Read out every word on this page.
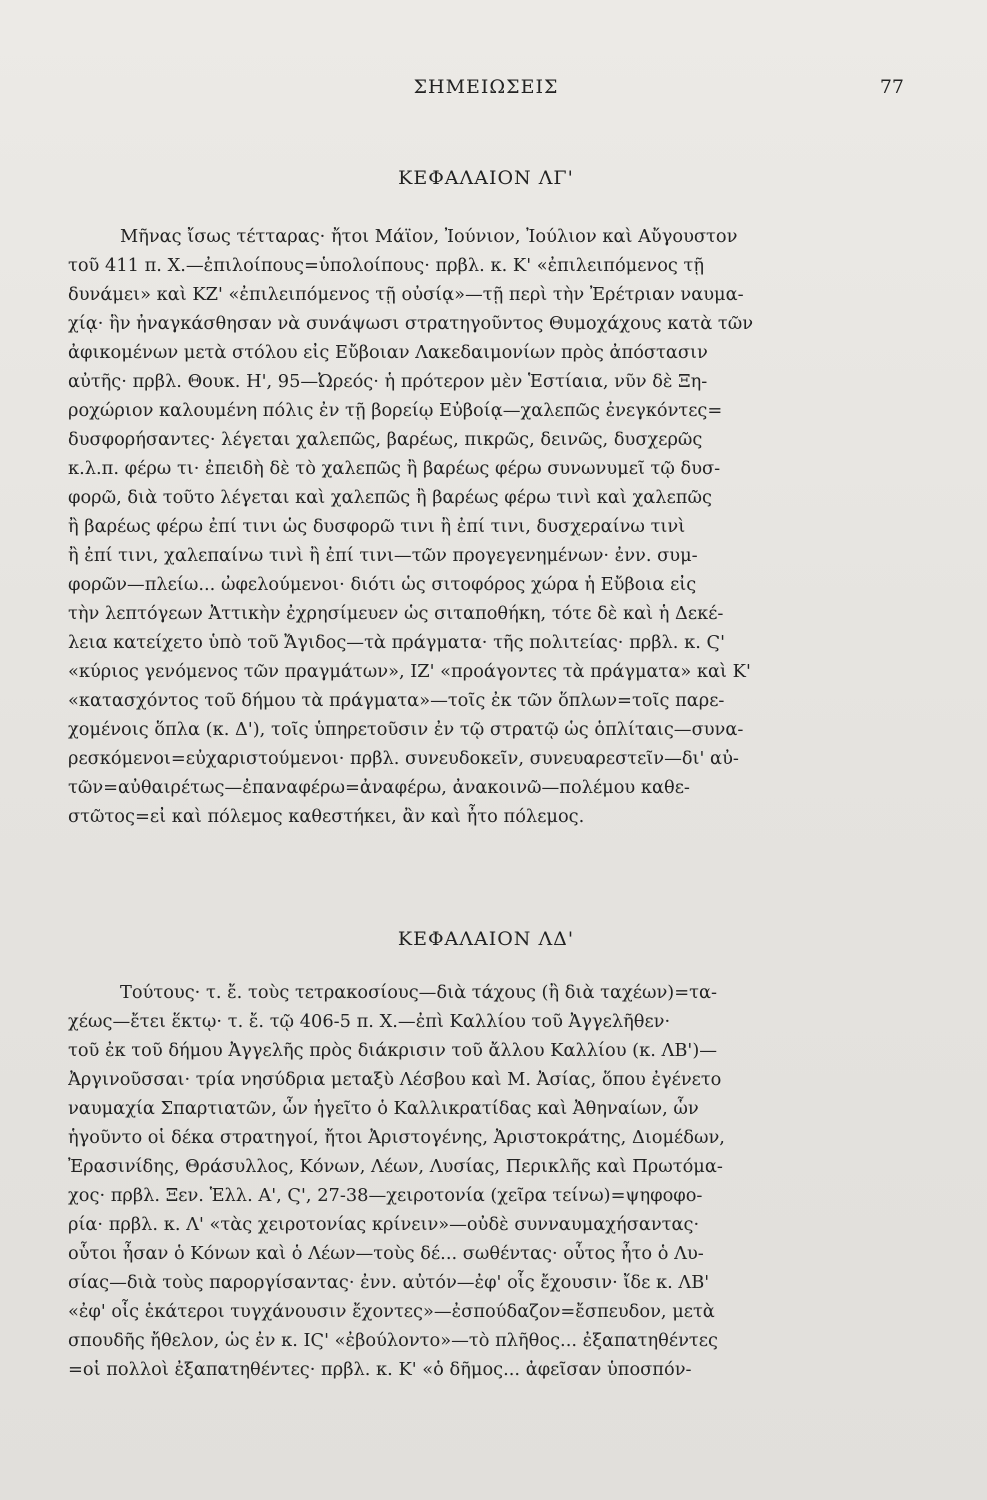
ΣΗΜΕΙΩΣΕΙΣ	77
ΚΕΦΑΛΑΙΟΝ ΛΓ'
Μῆνας ἴσως τέτταρας· ἤτοι Μάϊον, Ἰούνιον, Ἰούλιον καὶ Αὔγουστον
τοῦ 411 π. Χ.—ἐπιλοίπους=ὑπολοίπους· πρβλ. κ. Κ' «ἐπιλειπόμενος τῇ
δυνάμει» καὶ ΚΖ' «ἐπιλειπόμενος τῇ οὐσίᾳ»—τῇ περὶ τὴν Ἐρέτριαν ναυμα-
χίᾳ· ἣν ἠναγκάσθησαν νὰ συνάψωσι στρατηγοῦντος Θυμοχάχους κατὰ τῶν
ἀφικομένων μετὰ στόλου εἰς Εὔβοιαν Λακεδαιμονίων πρὸς ἀπόστασιν
αὐτῆς· πρβλ. Θουκ. Η', 95—Ὠρεός· ἡ πρότερον μὲν Ἑστίαια, νῦν δὲ Ξη-
ροχώριον καλουμένη πόλις ἐν τῇ βορείῳ Εὐβοίᾳ—χαλεπῶς ἐνεγκόντες=
δυσφορήσαντες· λέγεται χαλεπῶς, βαρέως, πικρῶς, δεινῶς, δυσχερῶς
κ.λ.π. φέρω τι· ἐπειδὴ δὲ τὸ χαλεπῶς ἢ βαρέως φέρω συνωνυμεῖ τῷ δυσ-
φορῶ, διὰ τοῦτο λέγεται καὶ χαλεπῶς ἢ βαρέως φέρω τινὶ καὶ χαλεπῶς
ἢ βαρέως φέρω ἐπί τινι ὡς δυσφορῶ τινι ἢ ἐπί τινι, δυσχεραίνω τινὶ
ἢ ἐπί τινι, χαλεπαίνω τινὶ ἢ ἐπί τινι—τῶν προγεγενημένων· ἐνν. συμ-
φορῶν—πλείω... ὠφελούμενοι· διότι ὡς σιτοφόρος χώρα ἡ Εὔβοια εἰς
τὴν λεπτόγεων Ἀττικὴν ἐχρησίμευεν ὡς σιταποθήκη, τότε δὲ καὶ ἡ Δεκέ-
λεια κατείχετο ὑπὸ τοῦ Ἄγιδος—τὰ πράγματα· τῆς πολιτείας· πρβλ. κ. Ϛ'
«κύριος γενόμενος τῶν πραγμάτων», ΙΖ' «προάγοντες τὰ πράγματα» καὶ Κ'
«κατασχόντος τοῦ δήμου τὰ πράγματα»—τοῖς ἐκ τῶν ὅπλων=τοῖς παρε-
χομένοις ὅπλα (κ. Δ'), τοῖς ὑπηρετοῦσιν ἐν τῷ στρατῷ ὡς ὁπλίταις—συνα-
ρεσκόμενοι=εὐχαριστούμενοι· πρβλ. συνευδοκεῖν, συνευαρεστεῖν—δι' αὐ-
τῶν=αὐθαιρέτως—ἐπαναφέρω=ἀναφέρω, ἀνακοινῶ—πολέμου καθε-
στῶτος=εἰ καὶ πόλεμος καθεστήκει, ἂν καὶ ἦτο πόλεμος.
ΚΕΦΑΛΑΙΟΝ ΛΔ'
Τούτους· τ. ἔ. τοὺς τετρακοσίους—διὰ τάχους (ἢ διὰ ταχέων)=τα-
χέως—ἔτει ἕκτῳ· τ. ἔ. τῷ 406-5 π. Χ.—ἐπὶ Καλλίου τοῦ Ἀγγελῆθεν·
τοῦ ἐκ τοῦ δήμου Ἀγγελῆς πρὸς διάκρισιν τοῦ ἄλλου Καλλίου (κ. ΛΒ')—
Ἀργινοῦσσαι· τρία νησύδρια μεταξὺ Λέσβου καὶ Μ. Ἀσίας, ὅπου ἐγένετο
ναυμαχία Σπαρτιατῶν, ὧν ἡγεῖτο ὁ Καλλικρατίδας καὶ Ἀθηναίων, ὧν
ἡγοῦντο οἱ δέκα στρατηγοί, ἤτοι Ἀριστογένης, Ἀριστοκράτης, Διομέδων,
Ἐρασινίδης, Θράσυλλος, Κόνων, Λέων, Λυσίας, Περικλῆς καὶ Πρωτόμα-
χος· πρβλ. Ξεν. Ἑλλ. Α', Ϛ', 27-38—χειροτονία (χεῖρα τείνω)=ψηφοφο-
ρία· πρβλ. κ. Λ' «τὰς χειροτονίας κρίνειν»—οὐδὲ συνναυμαχήσαντας·
οὗτοι ἦσαν ὁ Κόνων καὶ ὁ Λέων—τοὺς δέ... σωθέντας· οὗτος ἦτο ὁ Λυ-
σίας—διὰ τοὺς παροργίσαντας· ἐνν. αὐτόν—ἐφ' οἷς ἔχουσιν· ἴδε κ. ΛΒ'
«ἐφ' οἷς ἑκάτεροι τυγχάνουσιν ἔχοντες»—ἐσπούδαζον=ἔσπευδον, μετὰ
σπουδῆς ἤθελον, ὡς ἐν κ. ΙϚ' «ἐβούλοντο»—τὸ πλῆθος... ἐξαπατηθέντες
=οἱ πολλοὶ ἐξαπατηθέντες· πρβλ. κ. Κ' «ὁ δῆμος... ἀφεῖσαν ὑποσπόν-
